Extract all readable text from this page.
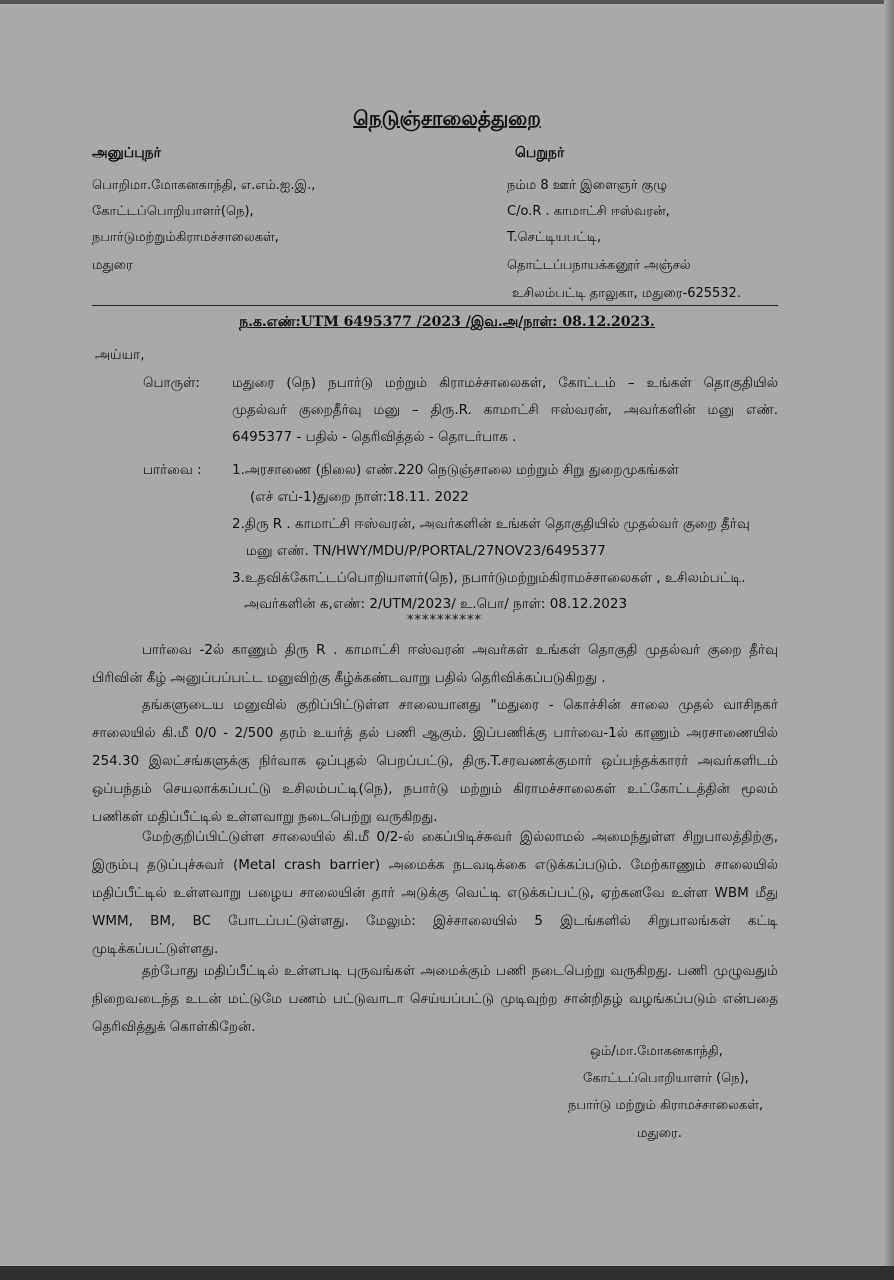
நெடுஞ்சாலைத்துறை
அனுப்புநர்
பொறிமா.மோகனகாந்தி, எ.எம்.ஐ.இ.,
கோட்டப்பொறியாளர்(நெ),
நபார்டுமற்றும்கிராமச்சாலைகள்,
மதுரை
பெறுநர்
நம்ம 8 ஊர் இளைஞர் குழு
C/o.R . காமாட்சி ஈஸ்வரன்,
T.செட்டியபட்டி,
தொட்டப்பநாயக்கனூர் அஞ்சல்
உசிலம்பட்டி தாலுகா, மதுரை-625532.
ந.க.எண்:UTM 6495377 /2023 /இவ.அ/நாள்: 08.12.2023.
அய்யா,
பொருள்: மதுரை (நெ) நபார்டு மற்றும் கிராமச்சாலைகள், கோட்டம் – உங்கள் தொகுதியில்
முதல்வர் குறைதீர்வு மனு – திரு.R. காமாட்சி ஈஸ்வரன், அவர்களின் மனு எண்.
6495377 - பதில் - தெரிவித்தல் - தொடர்பாக .
பார்வை : 1.அரசாணை (நிலை) எண்.220 நெடுஞ்சாலை மற்றும் சிறு துறைமுகங்கள்
(எச் எப்-1)துறை நாள்:18.11. 2022
2.திரு R . காமாட்சி ஈஸ்வரன், அவர்களின் உங்கள் தொகுதியில் முதல்வர் குறை தீர்வு
மனு எண். TN/HWY/MDU/P/PORTAL/27NOV23/6495377
3.உதவிக்கோட்டப்பொறியாளர்(நெ), நபார்டுமற்றும்கிராமச்சாலைகள் , உசிலம்பட்டி.
அவர்களின் க,எண்: 2/UTM/2023/ உ.பொ/ நாள்: 08.12.2023
**********
பார்வை -2ல் காணும் திரு R . காமாட்சி ஈஸ்வரன் அவர்கள் உங்கள் தொகுதி முதல்வர் குறை தீர்வு
பிரிவின் கீழ் அனுப்பப்பட்ட மனுவிற்கு கீழ்க்கண்டவாறு பதில் தெரிவிக்கப்படுகிறது .
தங்களுடைய மனுவில் குறிப்பிட்டுள்ள சாலையானது "மதுரை - கொச்சின் சாலை முதல் வாசிநகர்
சாலையில் கி.மீ 0/0 - 2/500 தரம் உயர்த் தல் பணி ஆகும். இப்பணிக்கு பார்வை-1ல் காணும் அரசாணையில்
254.30 இலட்சங்களுக்கு நிர்வாக ஒப்புதல் பெறப்பட்டு, திரு.T.சரவணக்குமார் ஒப்பந்தக்காரர் அவர்களிடம்
ஒப்பந்தம் செயலாக்கப்பட்டு உசிலம்பட்டி(நெ), நபார்டு மற்றும் கிராமச்சாலைகள் உட்கோட்டத்தின் மூலம்
பணிகள் மதிப்பீட்டில் உள்ளவாறு நடைபெற்று வருகிறது.
மேற்குறிப்பிட்டுள்ள சாலையில் கி.மீ 0/2-ல் கைப்பிடிச்சுவர் இல்லாமல் அமைந்துள்ள சிறுபாலத்திற்கு,
இரும்பு தடுப்புச்சுவர் (Metal crash barrier) அமைக்க நடவடிக்கை எடுக்கப்படும். மேற்காணும் சாலையில்
மதிப்பீட்டில் உள்ளவாறு பழைய சாலையின் தார் அடுக்கு வெட்டி எடுக்கப்பட்டு, ஏற்கனவே உள்ள WBM மீது
WMM, BM, BC போடப்பட்டுள்ளது. மேலும்: இச்சாலையில் 5 இடங்களில் சிறுபாலங்கள் கட்டி
முடிக்கப்பட்டுள்ளது.
தற்போது மதிப்பீட்டில் உள்ளபடி புருவங்கள் அமைக்கும் பணி நடைபெற்று வருகிறது. பணி முழுவதும்
நிறைவடைந்த உடன் மட்டுமே பணம் பட்டுவாடா செய்யப்பட்டு முடிவுற்ற சான்றிதழ் வழங்கப்படும் என்பதை
தெரிவித்துக் கொள்கிறேன்.
ஒம்/மா.மோகனகாந்தி,
கோட்டப்பொறியாளர் (நெ),
நபார்டு மற்றும் கிராமச்சாலைகள்,
மதுரை.
